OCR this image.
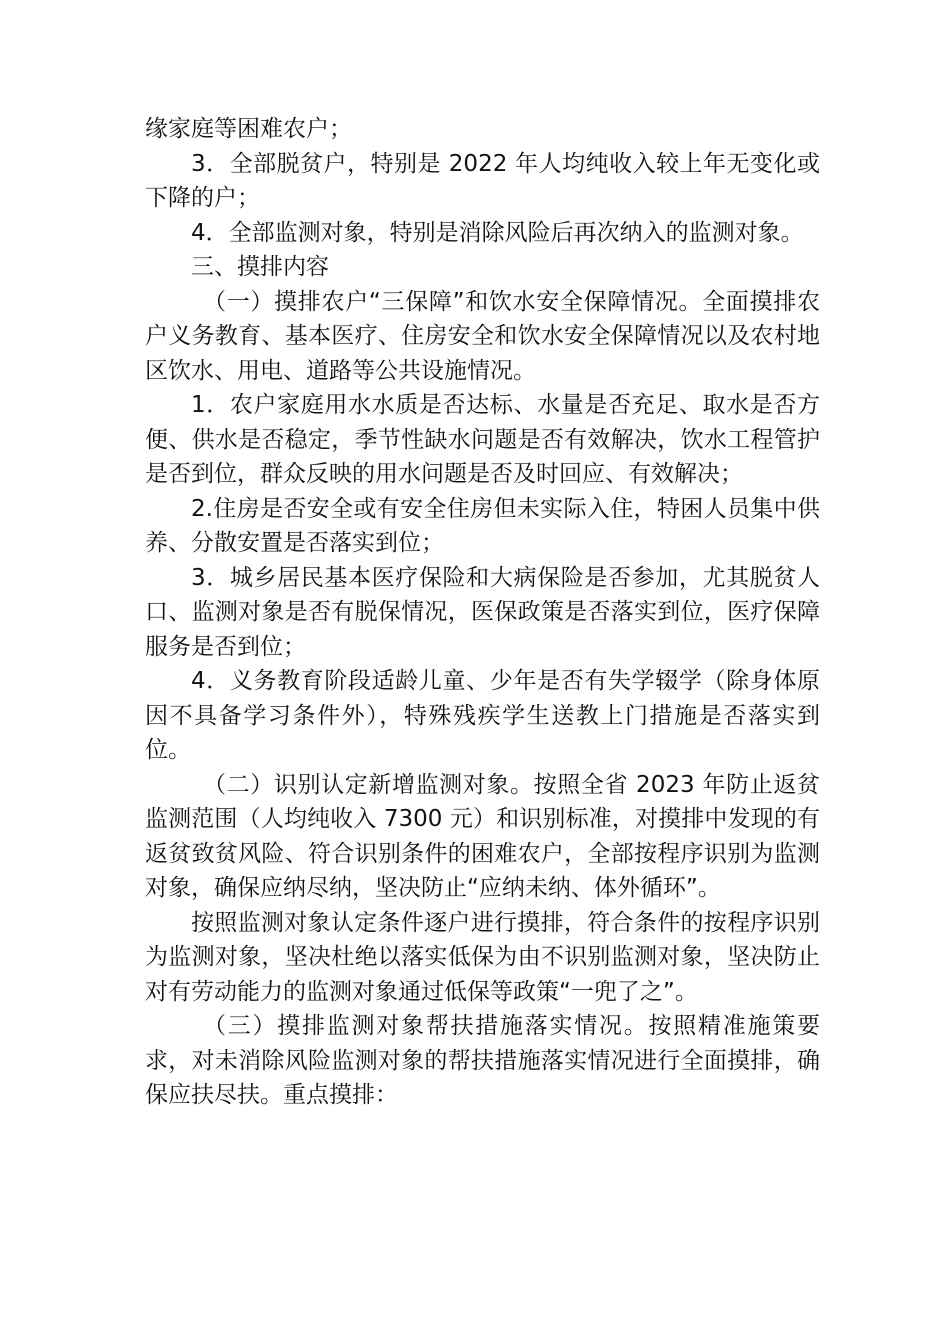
缘家庭等困难农户；

3．全部脱贫户，特别是 2022 年人均纯收入较上年无变化或下降的户；

4．全部监测对象，特别是消除风险后再次纳入的监测对象。

三、摸排内容

（一）摸排农户“三保障”和饮水安全保障情况。全面摸排农户义务教育、基本医疗、住房安全和饮水安全保障情况以及农村地区饮水、用电、道路等公共设施情况。

1．农户家庭用水水质是否达标、水量是否充足、取水是否方便、供水是否稳定，季节性缺水问题是否有效解决，饮水工程管护是否到位，群众反映的用水问题是否及时回应、有效解决；

2.住房是否安全或有安全住房但未实际入住，特困人员集中供养、分散安置是否落实到位；

3．城乡居民基本医疗保险和大病保险是否参加，尤其脱贫人口、监测对象是否有脱保情况，医保政策是否落实到位，医疗保障服务是否到位；

4．义务教育阶段适龄儿童、少年是否有失学辍学（除身体原因不具备学习条件外），特殊残疾学生送教上门措施是否落实到位。

（二）识别认定新增监测对象。按照全省 2023 年防止返贫监测范围（人均纯收入 7300 元）和识别标准，对摸排中发现的有返贫致贫风险、符合识别条件的困难农户，全部按程序识别为监测对象，确保应纳尽纳，坚决防止“应纳未纳、体外循环”。

按照监测对象认定条件逐户进行摸排，符合条件的按程序识别为监测对象，坚决杜绝以落实低保为由不识别监测对象，坚决防止对有劳动能力的监测对象通过低保等政策“一兜了之”。

（三）摸排监测对象帮扶措施落实情况。按照精准施策要求，对未消除风险监测对象的帮扶措施落实情况进行全面摸排，确保应扶尽扶。重点摸排：
